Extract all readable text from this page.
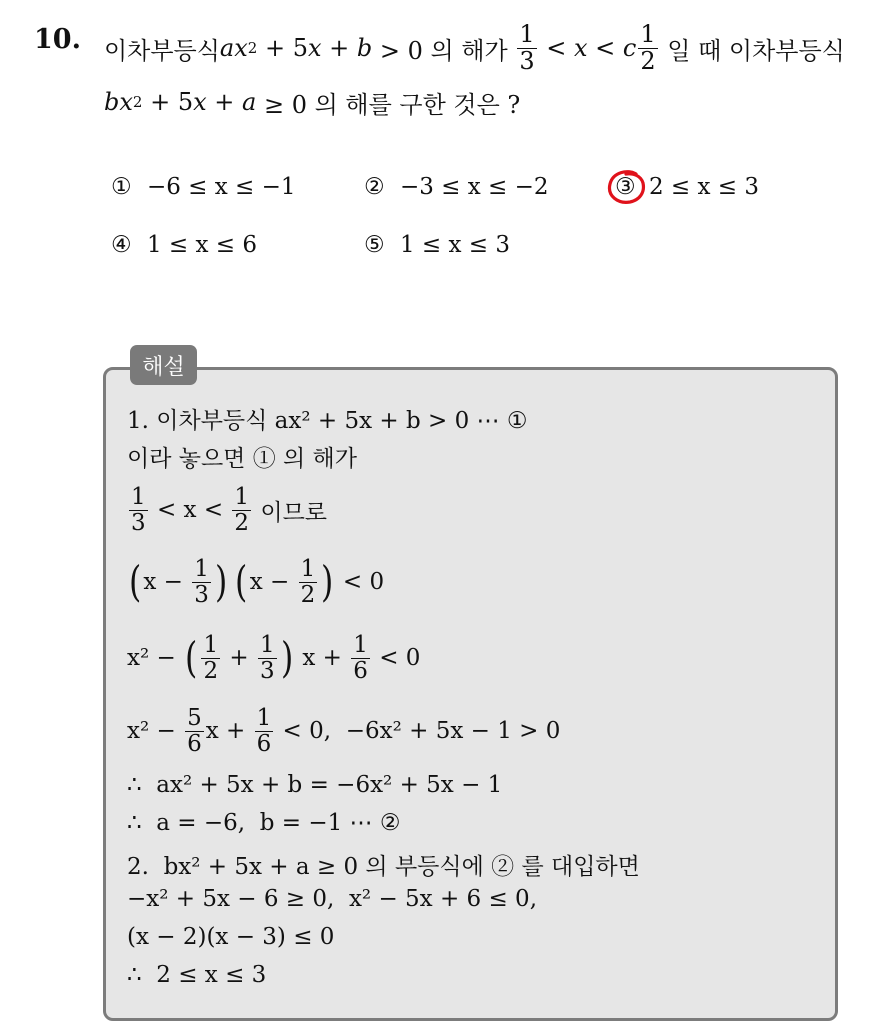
10. 이차부등식 a x 2 + 5 x + b > 0 의 해가 $\frac{1}{3} < x < c \frac{1}{2}$ 일 때 이차부등식
b x 2 + 5 x + a ≥ 0 의 해를 구한 것은 ?
① −6 ≤ x ≤ −1	② −3 ≤ x ≤ −2	③ 2 ≤ x ≤ 3
④ 1 ≤ x ≤ 6	⑤ 1 ≤ x ≤ 3
해설
1. 이차부등식 ax² + 5x + b > 0 ⋯ ①
이라 놓으면 ① 의 해가
$\frac{1}{3} < x < \frac{1}{2}$ 이므로
( $x - \frac{1}{3}$ ) ( $x - \frac{1}{2}$ ) < 0
x² − ( $\frac{1}{2} + \frac{1}{3}$ ) $x + \frac{1}{6} < 0$
$x^2 - \frac{5}{6}$ $x + \frac{1}{6} < 0$,  −6x² + 5x − 1 > 0
∴  ax² + 5x + b = −6x² + 5x − 1
∴  a = −6,  b = −1 ⋯ ②
2.  bx² + 5x + a ≥ 0 의 부등식에 ② 를 대입하면
−x² + 5x − 6 ≥ 0,  x² − 5x + 6 ≤ 0,
(x − 2)(x − 3) ≤ 0
∴  2 ≤ x ≤ 3
